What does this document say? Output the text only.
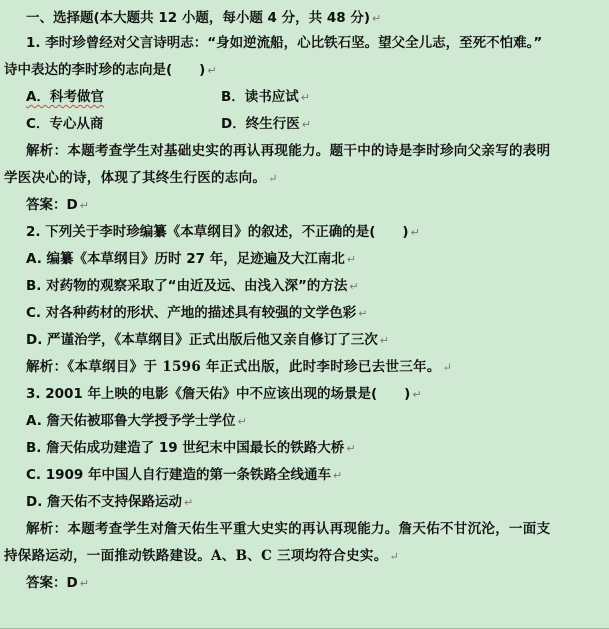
一、选择题(本大题共 12 小题，每小题 4 分，共 48 分) ↵
1. 李时珍曾经对父言诗明志：“身如逆流船，心比铁石坚。望父全儿志，至死不怕难。”
诗中表达的李时珍的志向是(　　) ↵
A．科考做官	B．读书应试 ↵
C．专心从商	D．终生行医 ↵
解析：本题考查学生对基础史实的再认再现能力。题干中的诗是李时珍向父亲写的表明
学医决心的诗，体现了其终生行医的志向。 ↵
答案：D ↵
2. 下列关于李时珍编纂《本草纲目》的叙述，不正确的是(　　) ↵
A. 编纂《本草纲目》历时 27 年，足迹遍及大江南北 ↵
B. 对药物的观察采取了“由近及远、由浅入深”的方法 ↵
C. 对各种药材的形状、产地的描述具有较强的文学色彩 ↵
D. 严谨治学，《本草纲目》正式出版后他又亲自修订了三次 ↵
解析：《本草纲目》于 1596 年正式出版，此时李时珍已去世三年。 ↵
3. 2001 年上映的电影《詹天佑》中不应该出现的场景是(　　) ↵
A. 詹天佑被耶鲁大学授予学士学位 ↵
B. 詹天佑成功建造了 19 世纪末中国最长的铁路大桥 ↵
C. 1909 年中国人自行建造的第一条铁路全线通车 ↵
D. 詹天佑不支持保路运动 ↵
解析：本题考查学生对詹天佑生平重大史实的再认再现能力。詹天佑不甘沉沦，一面支
持保路运动，一面推动铁路建设。A、B、C 三项均符合史实。 ↵
答案：D ↵
